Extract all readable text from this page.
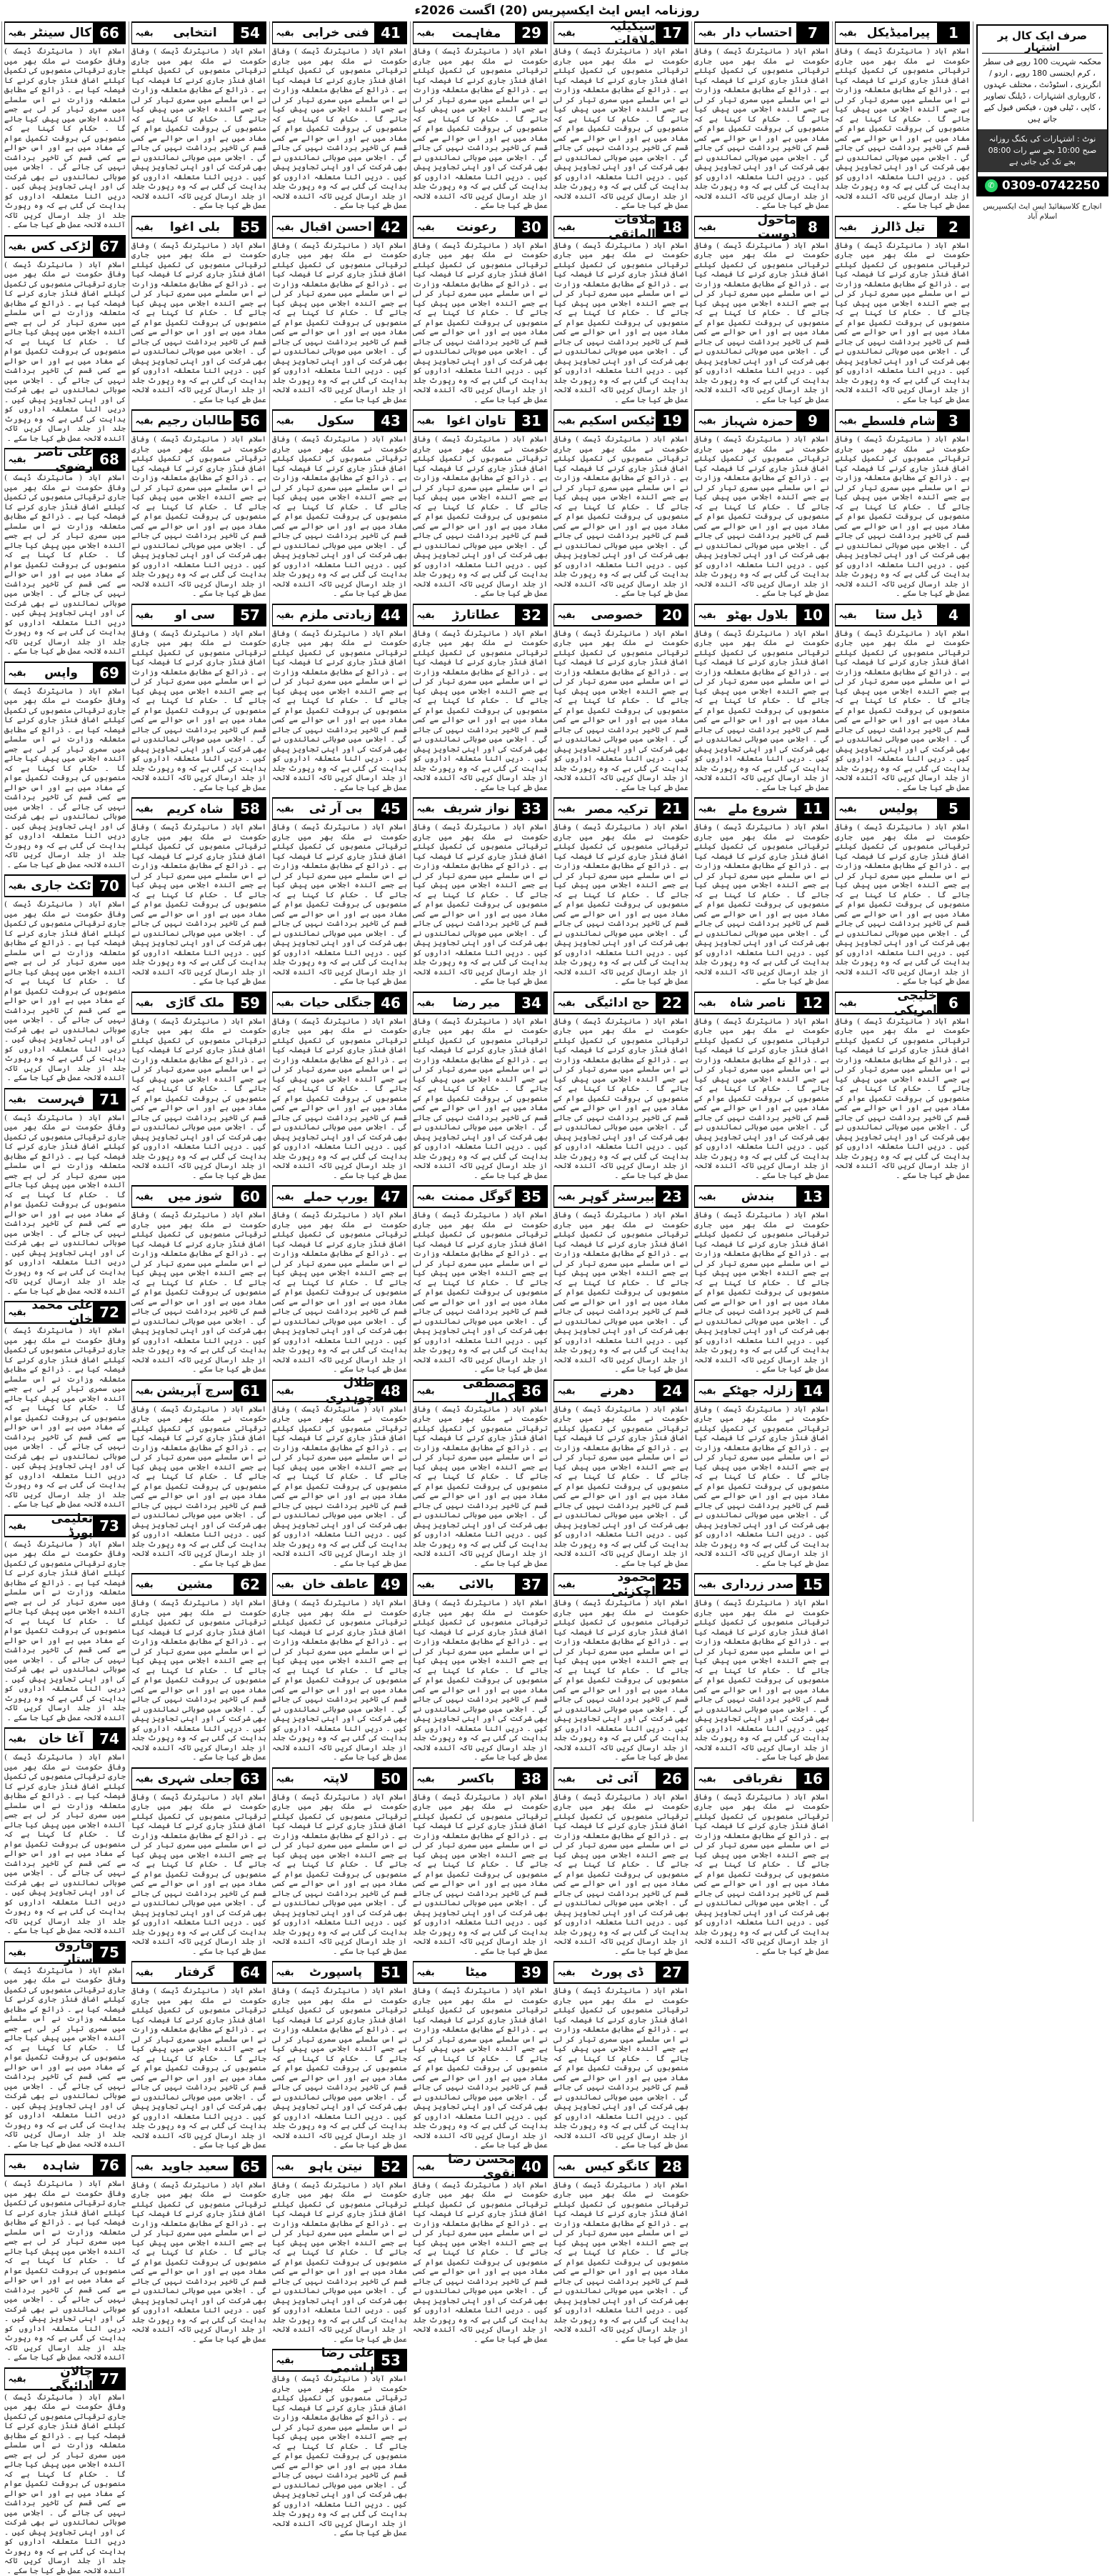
روزنامہ ایس ایٹ ایکسپریس (20) اگست 2026ء
صرف ایک کال پر اشتہار
محکمہ شہریت 100 روپے فی سطر ، کرم ایجنسی 180 روپے ، اردو / انگریزی ، اسٹوڈنٹ ، مختلف عہدوں ، کاروباری اشتہارات ، ڈیلنگ تصاویر ، کاپی ، ٹیلی فون ، فیکس قبول کیے جاتے ہیں
نوٹ : اشتہارات کی بکنگ روزانہ صبح 10:00 بجے سے رات 08:00 بجے تک کی جاتی ہے
✆ 0309-0742250
انچارج کلاسیفائیڈ ایس ایٹ ایکسپریس اسلام آباد
1
پیرامیڈیکل
بقیہ
اسلام آباد ( مانیٹرنگ ڈیسک ) وفاقی حکومت نے ملک بھر میں جاری ترقیاتی منصوبوں کی تکمیل کیلئے اضافی فنڈز جاری کرنے کا فیصلہ کیا ہے ۔ ذرائع کے مطابق متعلقہ وزارت نے اس سلسلے میں سمری تیار کر لی ہے جسے آئندہ اجلاس میں پیش کیا جائے گا ۔ حکام کا کہنا ہے کہ منصوبوں کی بروقت تکمیل عوام کے مفاد میں ہے اور اس حوالے سے کسی قسم کی تاخیر برداشت نہیں کی جائے گی ۔ اجلاس میں صوبائی نمائندوں نے بھی شرکت کی اور اپنی تجاویز پیش کیں ۔ دریں اثنا متعلقہ اداروں کو ہدایت کی گئی ہے کہ وہ رپورٹ جلد از جلد ارسال کریں تاکہ آئندہ لائحہ عمل طے کیا جا سکے ۔
2
تیل ڈالرز
بقیہ
اسلام آباد ( مانیٹرنگ ڈیسک ) وفاقی حکومت نے ملک بھر میں جاری ترقیاتی منصوبوں کی تکمیل کیلئے اضافی فنڈز جاری کرنے کا فیصلہ کیا ہے ۔ ذرائع کے مطابق متعلقہ وزارت نے اس سلسلے میں سمری تیار کر لی ہے جسے آئندہ اجلاس میں پیش کیا جائے گا ۔ حکام کا کہنا ہے کہ منصوبوں کی بروقت تکمیل عوام کے مفاد میں ہے اور اس حوالے سے کسی قسم کی تاخیر برداشت نہیں کی جائے گی ۔ اجلاس میں صوبائی نمائندوں نے بھی شرکت کی اور اپنی تجاویز پیش کیں ۔ دریں اثنا متعلقہ اداروں کو ہدایت کی گئی ہے کہ وہ رپورٹ جلد از جلد ارسال کریں تاکہ آئندہ لائحہ عمل طے کیا جا سکے ۔
3
شام فلسطے
بقیہ
اسلام آباد ( مانیٹرنگ ڈیسک ) وفاقی حکومت نے ملک بھر میں جاری ترقیاتی منصوبوں کی تکمیل کیلئے اضافی فنڈز جاری کرنے کا فیصلہ کیا ہے ۔ ذرائع کے مطابق متعلقہ وزارت نے اس سلسلے میں سمری تیار کر لی ہے جسے آئندہ اجلاس میں پیش کیا جائے گا ۔ حکام کا کہنا ہے کہ منصوبوں کی بروقت تکمیل عوام کے مفاد میں ہے اور اس حوالے سے کسی قسم کی تاخیر برداشت نہیں کی جائے گی ۔ اجلاس میں صوبائی نمائندوں نے بھی شرکت کی اور اپنی تجاویز پیش کیں ۔ دریں اثنا متعلقہ اداروں کو ہدایت کی گئی ہے کہ وہ رپورٹ جلد از جلد ارسال کریں تاکہ آئندہ لائحہ عمل طے کیا جا سکے ۔
4
ڈیل ستا
بقیہ
اسلام آباد ( مانیٹرنگ ڈیسک ) وفاقی حکومت نے ملک بھر میں جاری ترقیاتی منصوبوں کی تکمیل کیلئے اضافی فنڈز جاری کرنے کا فیصلہ کیا ہے ۔ ذرائع کے مطابق متعلقہ وزارت نے اس سلسلے میں سمری تیار کر لی ہے جسے آئندہ اجلاس میں پیش کیا جائے گا ۔ حکام کا کہنا ہے کہ منصوبوں کی بروقت تکمیل عوام کے مفاد میں ہے اور اس حوالے سے کسی قسم کی تاخیر برداشت نہیں کی جائے گی ۔ اجلاس میں صوبائی نمائندوں نے بھی شرکت کی اور اپنی تجاویز پیش کیں ۔ دریں اثنا متعلقہ اداروں کو ہدایت کی گئی ہے کہ وہ رپورٹ جلد از جلد ارسال کریں تاکہ آئندہ لائحہ عمل طے کیا جا سکے ۔
5
پولیس
بقیہ
اسلام آباد ( مانیٹرنگ ڈیسک ) وفاقی حکومت نے ملک بھر میں جاری ترقیاتی منصوبوں کی تکمیل کیلئے اضافی فنڈز جاری کرنے کا فیصلہ کیا ہے ۔ ذرائع کے مطابق متعلقہ وزارت نے اس سلسلے میں سمری تیار کر لی ہے جسے آئندہ اجلاس میں پیش کیا جائے گا ۔ حکام کا کہنا ہے کہ منصوبوں کی بروقت تکمیل عوام کے مفاد میں ہے اور اس حوالے سے کسی قسم کی تاخیر برداشت نہیں کی جائے گی ۔ اجلاس میں صوبائی نمائندوں نے بھی شرکت کی اور اپنی تجاویز پیش کیں ۔ دریں اثنا متعلقہ اداروں کو ہدایت کی گئی ہے کہ وہ رپورٹ جلد از جلد ارسال کریں تاکہ آئندہ لائحہ عمل طے کیا جا سکے ۔
6
خلیجی امریکی
بقیہ
اسلام آباد ( مانیٹرنگ ڈیسک ) وفاقی حکومت نے ملک بھر میں جاری ترقیاتی منصوبوں کی تکمیل کیلئے اضافی فنڈز جاری کرنے کا فیصلہ کیا ہے ۔ ذرائع کے مطابق متعلقہ وزارت نے اس سلسلے میں سمری تیار کر لی ہے جسے آئندہ اجلاس میں پیش کیا جائے گا ۔ حکام کا کہنا ہے کہ منصوبوں کی بروقت تکمیل عوام کے مفاد میں ہے اور اس حوالے سے کسی قسم کی تاخیر برداشت نہیں کی جائے گی ۔ اجلاس میں صوبائی نمائندوں نے بھی شرکت کی اور اپنی تجاویز پیش کیں ۔ دریں اثنا متعلقہ اداروں کو ہدایت کی گئی ہے کہ وہ رپورٹ جلد از جلد ارسال کریں تاکہ آئندہ لائحہ عمل طے کیا جا سکے ۔
7
احتساب دار
بقیہ
اسلام آباد ( مانیٹرنگ ڈیسک ) وفاقی حکومت نے ملک بھر میں جاری ترقیاتی منصوبوں کی تکمیل کیلئے اضافی فنڈز جاری کرنے کا فیصلہ کیا ہے ۔ ذرائع کے مطابق متعلقہ وزارت نے اس سلسلے میں سمری تیار کر لی ہے جسے آئندہ اجلاس میں پیش کیا جائے گا ۔ حکام کا کہنا ہے کہ منصوبوں کی بروقت تکمیل عوام کے مفاد میں ہے اور اس حوالے سے کسی قسم کی تاخیر برداشت نہیں کی جائے گی ۔ اجلاس میں صوبائی نمائندوں نے بھی شرکت کی اور اپنی تجاویز پیش کیں ۔ دریں اثنا متعلقہ اداروں کو ہدایت کی گئی ہے کہ وہ رپورٹ جلد از جلد ارسال کریں تاکہ آئندہ لائحہ عمل طے کیا جا سکے ۔
8
ماحول دوست
بقیہ
اسلام آباد ( مانیٹرنگ ڈیسک ) وفاقی حکومت نے ملک بھر میں جاری ترقیاتی منصوبوں کی تکمیل کیلئے اضافی فنڈز جاری کرنے کا فیصلہ کیا ہے ۔ ذرائع کے مطابق متعلقہ وزارت نے اس سلسلے میں سمری تیار کر لی ہے جسے آئندہ اجلاس میں پیش کیا جائے گا ۔ حکام کا کہنا ہے کہ منصوبوں کی بروقت تکمیل عوام کے مفاد میں ہے اور اس حوالے سے کسی قسم کی تاخیر برداشت نہیں کی جائے گی ۔ اجلاس میں صوبائی نمائندوں نے بھی شرکت کی اور اپنی تجاویز پیش کیں ۔ دریں اثنا متعلقہ اداروں کو ہدایت کی گئی ہے کہ وہ رپورٹ جلد از جلد ارسال کریں تاکہ آئندہ لائحہ عمل طے کیا جا سکے ۔
9
حمزہ شہباز
بقیہ
اسلام آباد ( مانیٹرنگ ڈیسک ) وفاقی حکومت نے ملک بھر میں جاری ترقیاتی منصوبوں کی تکمیل کیلئے اضافی فنڈز جاری کرنے کا فیصلہ کیا ہے ۔ ذرائع کے مطابق متعلقہ وزارت نے اس سلسلے میں سمری تیار کر لی ہے جسے آئندہ اجلاس میں پیش کیا جائے گا ۔ حکام کا کہنا ہے کہ منصوبوں کی بروقت تکمیل عوام کے مفاد میں ہے اور اس حوالے سے کسی قسم کی تاخیر برداشت نہیں کی جائے گی ۔ اجلاس میں صوبائی نمائندوں نے بھی شرکت کی اور اپنی تجاویز پیش کیں ۔ دریں اثنا متعلقہ اداروں کو ہدایت کی گئی ہے کہ وہ رپورٹ جلد از جلد ارسال کریں تاکہ آئندہ لائحہ عمل طے کیا جا سکے ۔
10
بلاول بھٹو
بقیہ
اسلام آباد ( مانیٹرنگ ڈیسک ) وفاقی حکومت نے ملک بھر میں جاری ترقیاتی منصوبوں کی تکمیل کیلئے اضافی فنڈز جاری کرنے کا فیصلہ کیا ہے ۔ ذرائع کے مطابق متعلقہ وزارت نے اس سلسلے میں سمری تیار کر لی ہے جسے آئندہ اجلاس میں پیش کیا جائے گا ۔ حکام کا کہنا ہے کہ منصوبوں کی بروقت تکمیل عوام کے مفاد میں ہے اور اس حوالے سے کسی قسم کی تاخیر برداشت نہیں کی جائے گی ۔ اجلاس میں صوبائی نمائندوں نے بھی شرکت کی اور اپنی تجاویز پیش کیں ۔ دریں اثنا متعلقہ اداروں کو ہدایت کی گئی ہے کہ وہ رپورٹ جلد از جلد ارسال کریں تاکہ آئندہ لائحہ عمل طے کیا جا سکے ۔
11
شروع ملے
بقیہ
اسلام آباد ( مانیٹرنگ ڈیسک ) وفاقی حکومت نے ملک بھر میں جاری ترقیاتی منصوبوں کی تکمیل کیلئے اضافی فنڈز جاری کرنے کا فیصلہ کیا ہے ۔ ذرائع کے مطابق متعلقہ وزارت نے اس سلسلے میں سمری تیار کر لی ہے جسے آئندہ اجلاس میں پیش کیا جائے گا ۔ حکام کا کہنا ہے کہ منصوبوں کی بروقت تکمیل عوام کے مفاد میں ہے اور اس حوالے سے کسی قسم کی تاخیر برداشت نہیں کی جائے گی ۔ اجلاس میں صوبائی نمائندوں نے بھی شرکت کی اور اپنی تجاویز پیش کیں ۔ دریں اثنا متعلقہ اداروں کو ہدایت کی گئی ہے کہ وہ رپورٹ جلد از جلد ارسال کریں تاکہ آئندہ لائحہ عمل طے کیا جا سکے ۔
12
ناصر شاہ
بقیہ
اسلام آباد ( مانیٹرنگ ڈیسک ) وفاقی حکومت نے ملک بھر میں جاری ترقیاتی منصوبوں کی تکمیل کیلئے اضافی فنڈز جاری کرنے کا فیصلہ کیا ہے ۔ ذرائع کے مطابق متعلقہ وزارت نے اس سلسلے میں سمری تیار کر لی ہے جسے آئندہ اجلاس میں پیش کیا جائے گا ۔ حکام کا کہنا ہے کہ منصوبوں کی بروقت تکمیل عوام کے مفاد میں ہے اور اس حوالے سے کسی قسم کی تاخیر برداشت نہیں کی جائے گی ۔ اجلاس میں صوبائی نمائندوں نے بھی شرکت کی اور اپنی تجاویز پیش کیں ۔ دریں اثنا متعلقہ اداروں کو ہدایت کی گئی ہے کہ وہ رپورٹ جلد از جلد ارسال کریں تاکہ آئندہ لائحہ عمل طے کیا جا سکے ۔
13
بندش
بقیہ
اسلام آباد ( مانیٹرنگ ڈیسک ) وفاقی حکومت نے ملک بھر میں جاری ترقیاتی منصوبوں کی تکمیل کیلئے اضافی فنڈز جاری کرنے کا فیصلہ کیا ہے ۔ ذرائع کے مطابق متعلقہ وزارت نے اس سلسلے میں سمری تیار کر لی ہے جسے آئندہ اجلاس میں پیش کیا جائے گا ۔ حکام کا کہنا ہے کہ منصوبوں کی بروقت تکمیل عوام کے مفاد میں ہے اور اس حوالے سے کسی قسم کی تاخیر برداشت نہیں کی جائے گی ۔ اجلاس میں صوبائی نمائندوں نے بھی شرکت کی اور اپنی تجاویز پیش کیں ۔ دریں اثنا متعلقہ اداروں کو ہدایت کی گئی ہے کہ وہ رپورٹ جلد از جلد ارسال کریں تاکہ آئندہ لائحہ عمل طے کیا جا سکے ۔
14
زلزلہ جھٹکے
بقیہ
اسلام آباد ( مانیٹرنگ ڈیسک ) وفاقی حکومت نے ملک بھر میں جاری ترقیاتی منصوبوں کی تکمیل کیلئے اضافی فنڈز جاری کرنے کا فیصلہ کیا ہے ۔ ذرائع کے مطابق متعلقہ وزارت نے اس سلسلے میں سمری تیار کر لی ہے جسے آئندہ اجلاس میں پیش کیا جائے گا ۔ حکام کا کہنا ہے کہ منصوبوں کی بروقت تکمیل عوام کے مفاد میں ہے اور اس حوالے سے کسی قسم کی تاخیر برداشت نہیں کی جائے گی ۔ اجلاس میں صوبائی نمائندوں نے بھی شرکت کی اور اپنی تجاویز پیش کیں ۔ دریں اثنا متعلقہ اداروں کو ہدایت کی گئی ہے کہ وہ رپورٹ جلد از جلد ارسال کریں تاکہ آئندہ لائحہ عمل طے کیا جا سکے ۔
15
صدر زرداری
بقیہ
اسلام آباد ( مانیٹرنگ ڈیسک ) وفاقی حکومت نے ملک بھر میں جاری ترقیاتی منصوبوں کی تکمیل کیلئے اضافی فنڈز جاری کرنے کا فیصلہ کیا ہے ۔ ذرائع کے مطابق متعلقہ وزارت نے اس سلسلے میں سمری تیار کر لی ہے جسے آئندہ اجلاس میں پیش کیا جائے گا ۔ حکام کا کہنا ہے کہ منصوبوں کی بروقت تکمیل عوام کے مفاد میں ہے اور اس حوالے سے کسی قسم کی تاخیر برداشت نہیں کی جائے گی ۔ اجلاس میں صوبائی نمائندوں نے بھی شرکت کی اور اپنی تجاویز پیش کیں ۔ دریں اثنا متعلقہ اداروں کو ہدایت کی گئی ہے کہ وہ رپورٹ جلد از جلد ارسال کریں تاکہ آئندہ لائحہ عمل طے کیا جا سکے ۔
16
نقرباقی
بقیہ
اسلام آباد ( مانیٹرنگ ڈیسک ) وفاقی حکومت نے ملک بھر میں جاری ترقیاتی منصوبوں کی تکمیل کیلئے اضافی فنڈز جاری کرنے کا فیصلہ کیا ہے ۔ ذرائع کے مطابق متعلقہ وزارت نے اس سلسلے میں سمری تیار کر لی ہے جسے آئندہ اجلاس میں پیش کیا جائے گا ۔ حکام کا کہنا ہے کہ منصوبوں کی بروقت تکمیل عوام کے مفاد میں ہے اور اس حوالے سے کسی قسم کی تاخیر برداشت نہیں کی جائے گی ۔ اجلاس میں صوبائی نمائندوں نے بھی شرکت کی اور اپنی تجاویز پیش کیں ۔ دریں اثنا متعلقہ اداروں کو ہدایت کی گئی ہے کہ وہ رپورٹ جلد از جلد ارسال کریں تاکہ آئندہ لائحہ عمل طے کیا جا سکے ۔
17
سیکیلیہ ملاقات
بقیہ
اسلام آباد ( مانیٹرنگ ڈیسک ) وفاقی حکومت نے ملک بھر میں جاری ترقیاتی منصوبوں کی تکمیل کیلئے اضافی فنڈز جاری کرنے کا فیصلہ کیا ہے ۔ ذرائع کے مطابق متعلقہ وزارت نے اس سلسلے میں سمری تیار کر لی ہے جسے آئندہ اجلاس میں پیش کیا جائے گا ۔ حکام کا کہنا ہے کہ منصوبوں کی بروقت تکمیل عوام کے مفاد میں ہے اور اس حوالے سے کسی قسم کی تاخیر برداشت نہیں کی جائے گی ۔ اجلاس میں صوبائی نمائندوں نے بھی شرکت کی اور اپنی تجاویز پیش کیں ۔ دریں اثنا متعلقہ اداروں کو ہدایت کی گئی ہے کہ وہ رپورٹ جلد از جلد ارسال کریں تاکہ آئندہ لائحہ عمل طے کیا جا سکے ۔
18
ملاقات الماثقی
بقیہ
اسلام آباد ( مانیٹرنگ ڈیسک ) وفاقی حکومت نے ملک بھر میں جاری ترقیاتی منصوبوں کی تکمیل کیلئے اضافی فنڈز جاری کرنے کا فیصلہ کیا ہے ۔ ذرائع کے مطابق متعلقہ وزارت نے اس سلسلے میں سمری تیار کر لی ہے جسے آئندہ اجلاس میں پیش کیا جائے گا ۔ حکام کا کہنا ہے کہ منصوبوں کی بروقت تکمیل عوام کے مفاد میں ہے اور اس حوالے سے کسی قسم کی تاخیر برداشت نہیں کی جائے گی ۔ اجلاس میں صوبائی نمائندوں نے بھی شرکت کی اور اپنی تجاویز پیش کیں ۔ دریں اثنا متعلقہ اداروں کو ہدایت کی گئی ہے کہ وہ رپورٹ جلد از جلد ارسال کریں تاکہ آئندہ لائحہ عمل طے کیا جا سکے ۔
19
ٹیکس اسکیم
بقیہ
اسلام آباد ( مانیٹرنگ ڈیسک ) وفاقی حکومت نے ملک بھر میں جاری ترقیاتی منصوبوں کی تکمیل کیلئے اضافی فنڈز جاری کرنے کا فیصلہ کیا ہے ۔ ذرائع کے مطابق متعلقہ وزارت نے اس سلسلے میں سمری تیار کر لی ہے جسے آئندہ اجلاس میں پیش کیا جائے گا ۔ حکام کا کہنا ہے کہ منصوبوں کی بروقت تکمیل عوام کے مفاد میں ہے اور اس حوالے سے کسی قسم کی تاخیر برداشت نہیں کی جائے گی ۔ اجلاس میں صوبائی نمائندوں نے بھی شرکت کی اور اپنی تجاویز پیش کیں ۔ دریں اثنا متعلقہ اداروں کو ہدایت کی گئی ہے کہ وہ رپورٹ جلد از جلد ارسال کریں تاکہ آئندہ لائحہ عمل طے کیا جا سکے ۔
20
خصوصی
بقیہ
اسلام آباد ( مانیٹرنگ ڈیسک ) وفاقی حکومت نے ملک بھر میں جاری ترقیاتی منصوبوں کی تکمیل کیلئے اضافی فنڈز جاری کرنے کا فیصلہ کیا ہے ۔ ذرائع کے مطابق متعلقہ وزارت نے اس سلسلے میں سمری تیار کر لی ہے جسے آئندہ اجلاس میں پیش کیا جائے گا ۔ حکام کا کہنا ہے کہ منصوبوں کی بروقت تکمیل عوام کے مفاد میں ہے اور اس حوالے سے کسی قسم کی تاخیر برداشت نہیں کی جائے گی ۔ اجلاس میں صوبائی نمائندوں نے بھی شرکت کی اور اپنی تجاویز پیش کیں ۔ دریں اثنا متعلقہ اداروں کو ہدایت کی گئی ہے کہ وہ رپورٹ جلد از جلد ارسال کریں تاکہ آئندہ لائحہ عمل طے کیا جا سکے ۔
21
ترکیہ مصر
بقیہ
اسلام آباد ( مانیٹرنگ ڈیسک ) وفاقی حکومت نے ملک بھر میں جاری ترقیاتی منصوبوں کی تکمیل کیلئے اضافی فنڈز جاری کرنے کا فیصلہ کیا ہے ۔ ذرائع کے مطابق متعلقہ وزارت نے اس سلسلے میں سمری تیار کر لی ہے جسے آئندہ اجلاس میں پیش کیا جائے گا ۔ حکام کا کہنا ہے کہ منصوبوں کی بروقت تکمیل عوام کے مفاد میں ہے اور اس حوالے سے کسی قسم کی تاخیر برداشت نہیں کی جائے گی ۔ اجلاس میں صوبائی نمائندوں نے بھی شرکت کی اور اپنی تجاویز پیش کیں ۔ دریں اثنا متعلقہ اداروں کو ہدایت کی گئی ہے کہ وہ رپورٹ جلد از جلد ارسال کریں تاکہ آئندہ لائحہ عمل طے کیا جا سکے ۔
22
حج ادائیگی
بقیہ
اسلام آباد ( مانیٹرنگ ڈیسک ) وفاقی حکومت نے ملک بھر میں جاری ترقیاتی منصوبوں کی تکمیل کیلئے اضافی فنڈز جاری کرنے کا فیصلہ کیا ہے ۔ ذرائع کے مطابق متعلقہ وزارت نے اس سلسلے میں سمری تیار کر لی ہے جسے آئندہ اجلاس میں پیش کیا جائے گا ۔ حکام کا کہنا ہے کہ منصوبوں کی بروقت تکمیل عوام کے مفاد میں ہے اور اس حوالے سے کسی قسم کی تاخیر برداشت نہیں کی جائے گی ۔ اجلاس میں صوبائی نمائندوں نے بھی شرکت کی اور اپنی تجاویز پیش کیں ۔ دریں اثنا متعلقہ اداروں کو ہدایت کی گئی ہے کہ وہ رپورٹ جلد از جلد ارسال کریں تاکہ آئندہ لائحہ عمل طے کیا جا سکے ۔
23
بیرسٹر گوہر
بقیہ
اسلام آباد ( مانیٹرنگ ڈیسک ) وفاقی حکومت نے ملک بھر میں جاری ترقیاتی منصوبوں کی تکمیل کیلئے اضافی فنڈز جاری کرنے کا فیصلہ کیا ہے ۔ ذرائع کے مطابق متعلقہ وزارت نے اس سلسلے میں سمری تیار کر لی ہے جسے آئندہ اجلاس میں پیش کیا جائے گا ۔ حکام کا کہنا ہے کہ منصوبوں کی بروقت تکمیل عوام کے مفاد میں ہے اور اس حوالے سے کسی قسم کی تاخیر برداشت نہیں کی جائے گی ۔ اجلاس میں صوبائی نمائندوں نے بھی شرکت کی اور اپنی تجاویز پیش کیں ۔ دریں اثنا متعلقہ اداروں کو ہدایت کی گئی ہے کہ وہ رپورٹ جلد از جلد ارسال کریں تاکہ آئندہ لائحہ عمل طے کیا جا سکے ۔
24
دھرنے
بقیہ
اسلام آباد ( مانیٹرنگ ڈیسک ) وفاقی حکومت نے ملک بھر میں جاری ترقیاتی منصوبوں کی تکمیل کیلئے اضافی فنڈز جاری کرنے کا فیصلہ کیا ہے ۔ ذرائع کے مطابق متعلقہ وزارت نے اس سلسلے میں سمری تیار کر لی ہے جسے آئندہ اجلاس میں پیش کیا جائے گا ۔ حکام کا کہنا ہے کہ منصوبوں کی بروقت تکمیل عوام کے مفاد میں ہے اور اس حوالے سے کسی قسم کی تاخیر برداشت نہیں کی جائے گی ۔ اجلاس میں صوبائی نمائندوں نے بھی شرکت کی اور اپنی تجاویز پیش کیں ۔ دریں اثنا متعلقہ اداروں کو ہدایت کی گئی ہے کہ وہ رپورٹ جلد از جلد ارسال کریں تاکہ آئندہ لائحہ عمل طے کیا جا سکے ۔
25
محمود اچکزئی
بقیہ
اسلام آباد ( مانیٹرنگ ڈیسک ) وفاقی حکومت نے ملک بھر میں جاری ترقیاتی منصوبوں کی تکمیل کیلئے اضافی فنڈز جاری کرنے کا فیصلہ کیا ہے ۔ ذرائع کے مطابق متعلقہ وزارت نے اس سلسلے میں سمری تیار کر لی ہے جسے آئندہ اجلاس میں پیش کیا جائے گا ۔ حکام کا کہنا ہے کہ منصوبوں کی بروقت تکمیل عوام کے مفاد میں ہے اور اس حوالے سے کسی قسم کی تاخیر برداشت نہیں کی جائے گی ۔ اجلاس میں صوبائی نمائندوں نے بھی شرکت کی اور اپنی تجاویز پیش کیں ۔ دریں اثنا متعلقہ اداروں کو ہدایت کی گئی ہے کہ وہ رپورٹ جلد از جلد ارسال کریں تاکہ آئندہ لائحہ عمل طے کیا جا سکے ۔
26
آئی ٹی
بقیہ
اسلام آباد ( مانیٹرنگ ڈیسک ) وفاقی حکومت نے ملک بھر میں جاری ترقیاتی منصوبوں کی تکمیل کیلئے اضافی فنڈز جاری کرنے کا فیصلہ کیا ہے ۔ ذرائع کے مطابق متعلقہ وزارت نے اس سلسلے میں سمری تیار کر لی ہے جسے آئندہ اجلاس میں پیش کیا جائے گا ۔ حکام کا کہنا ہے کہ منصوبوں کی بروقت تکمیل عوام کے مفاد میں ہے اور اس حوالے سے کسی قسم کی تاخیر برداشت نہیں کی جائے گی ۔ اجلاس میں صوبائی نمائندوں نے بھی شرکت کی اور اپنی تجاویز پیش کیں ۔ دریں اثنا متعلقہ اداروں کو ہدایت کی گئی ہے کہ وہ رپورٹ جلد از جلد ارسال کریں تاکہ آئندہ لائحہ عمل طے کیا جا سکے ۔
27
ڈی پورٹ
بقیہ
اسلام آباد ( مانیٹرنگ ڈیسک ) وفاقی حکومت نے ملک بھر میں جاری ترقیاتی منصوبوں کی تکمیل کیلئے اضافی فنڈز جاری کرنے کا فیصلہ کیا ہے ۔ ذرائع کے مطابق متعلقہ وزارت نے اس سلسلے میں سمری تیار کر لی ہے جسے آئندہ اجلاس میں پیش کیا جائے گا ۔ حکام کا کہنا ہے کہ منصوبوں کی بروقت تکمیل عوام کے مفاد میں ہے اور اس حوالے سے کسی قسم کی تاخیر برداشت نہیں کی جائے گی ۔ اجلاس میں صوبائی نمائندوں نے بھی شرکت کی اور اپنی تجاویز پیش کیں ۔ دریں اثنا متعلقہ اداروں کو ہدایت کی گئی ہے کہ وہ رپورٹ جلد از جلد ارسال کریں تاکہ آئندہ لائحہ عمل طے کیا جا سکے ۔
28
کانگو کیس
بقیہ
اسلام آباد ( مانیٹرنگ ڈیسک ) وفاقی حکومت نے ملک بھر میں جاری ترقیاتی منصوبوں کی تکمیل کیلئے اضافی فنڈز جاری کرنے کا فیصلہ کیا ہے ۔ ذرائع کے مطابق متعلقہ وزارت نے اس سلسلے میں سمری تیار کر لی ہے جسے آئندہ اجلاس میں پیش کیا جائے گا ۔ حکام کا کہنا ہے کہ منصوبوں کی بروقت تکمیل عوام کے مفاد میں ہے اور اس حوالے سے کسی قسم کی تاخیر برداشت نہیں کی جائے گی ۔ اجلاس میں صوبائی نمائندوں نے بھی شرکت کی اور اپنی تجاویز پیش کیں ۔ دریں اثنا متعلقہ اداروں کو ہدایت کی گئی ہے کہ وہ رپورٹ جلد از جلد ارسال کریں تاکہ آئندہ لائحہ عمل طے کیا جا سکے ۔
29
مفاہمت
بقیہ
اسلام آباد ( مانیٹرنگ ڈیسک ) وفاقی حکومت نے ملک بھر میں جاری ترقیاتی منصوبوں کی تکمیل کیلئے اضافی فنڈز جاری کرنے کا فیصلہ کیا ہے ۔ ذرائع کے مطابق متعلقہ وزارت نے اس سلسلے میں سمری تیار کر لی ہے جسے آئندہ اجلاس میں پیش کیا جائے گا ۔ حکام کا کہنا ہے کہ منصوبوں کی بروقت تکمیل عوام کے مفاد میں ہے اور اس حوالے سے کسی قسم کی تاخیر برداشت نہیں کی جائے گی ۔ اجلاس میں صوبائی نمائندوں نے بھی شرکت کی اور اپنی تجاویز پیش کیں ۔ دریں اثنا متعلقہ اداروں کو ہدایت کی گئی ہے کہ وہ رپورٹ جلد از جلد ارسال کریں تاکہ آئندہ لائحہ عمل طے کیا جا سکے ۔
30
رعونت
بقیہ
اسلام آباد ( مانیٹرنگ ڈیسک ) وفاقی حکومت نے ملک بھر میں جاری ترقیاتی منصوبوں کی تکمیل کیلئے اضافی فنڈز جاری کرنے کا فیصلہ کیا ہے ۔ ذرائع کے مطابق متعلقہ وزارت نے اس سلسلے میں سمری تیار کر لی ہے جسے آئندہ اجلاس میں پیش کیا جائے گا ۔ حکام کا کہنا ہے کہ منصوبوں کی بروقت تکمیل عوام کے مفاد میں ہے اور اس حوالے سے کسی قسم کی تاخیر برداشت نہیں کی جائے گی ۔ اجلاس میں صوبائی نمائندوں نے بھی شرکت کی اور اپنی تجاویز پیش کیں ۔ دریں اثنا متعلقہ اداروں کو ہدایت کی گئی ہے کہ وہ رپورٹ جلد از جلد ارسال کریں تاکہ آئندہ لائحہ عمل طے کیا جا سکے ۔
31
تاوان اغوا
بقیہ
اسلام آباد ( مانیٹرنگ ڈیسک ) وفاقی حکومت نے ملک بھر میں جاری ترقیاتی منصوبوں کی تکمیل کیلئے اضافی فنڈز جاری کرنے کا فیصلہ کیا ہے ۔ ذرائع کے مطابق متعلقہ وزارت نے اس سلسلے میں سمری تیار کر لی ہے جسے آئندہ اجلاس میں پیش کیا جائے گا ۔ حکام کا کہنا ہے کہ منصوبوں کی بروقت تکمیل عوام کے مفاد میں ہے اور اس حوالے سے کسی قسم کی تاخیر برداشت نہیں کی جائے گی ۔ اجلاس میں صوبائی نمائندوں نے بھی شرکت کی اور اپنی تجاویز پیش کیں ۔ دریں اثنا متعلقہ اداروں کو ہدایت کی گئی ہے کہ وہ رپورٹ جلد از جلد ارسال کریں تاکہ آئندہ لائحہ عمل طے کیا جا سکے ۔
32
عطاتارڑ
بقیہ
اسلام آباد ( مانیٹرنگ ڈیسک ) وفاقی حکومت نے ملک بھر میں جاری ترقیاتی منصوبوں کی تکمیل کیلئے اضافی فنڈز جاری کرنے کا فیصلہ کیا ہے ۔ ذرائع کے مطابق متعلقہ وزارت نے اس سلسلے میں سمری تیار کر لی ہے جسے آئندہ اجلاس میں پیش کیا جائے گا ۔ حکام کا کہنا ہے کہ منصوبوں کی بروقت تکمیل عوام کے مفاد میں ہے اور اس حوالے سے کسی قسم کی تاخیر برداشت نہیں کی جائے گی ۔ اجلاس میں صوبائی نمائندوں نے بھی شرکت کی اور اپنی تجاویز پیش کیں ۔ دریں اثنا متعلقہ اداروں کو ہدایت کی گئی ہے کہ وہ رپورٹ جلد از جلد ارسال کریں تاکہ آئندہ لائحہ عمل طے کیا جا سکے ۔
33
نواز شریف
بقیہ
اسلام آباد ( مانیٹرنگ ڈیسک ) وفاقی حکومت نے ملک بھر میں جاری ترقیاتی منصوبوں کی تکمیل کیلئے اضافی فنڈز جاری کرنے کا فیصلہ کیا ہے ۔ ذرائع کے مطابق متعلقہ وزارت نے اس سلسلے میں سمری تیار کر لی ہے جسے آئندہ اجلاس میں پیش کیا جائے گا ۔ حکام کا کہنا ہے کہ منصوبوں کی بروقت تکمیل عوام کے مفاد میں ہے اور اس حوالے سے کسی قسم کی تاخیر برداشت نہیں کی جائے گی ۔ اجلاس میں صوبائی نمائندوں نے بھی شرکت کی اور اپنی تجاویز پیش کیں ۔ دریں اثنا متعلقہ اداروں کو ہدایت کی گئی ہے کہ وہ رپورٹ جلد از جلد ارسال کریں تاکہ آئندہ لائحہ عمل طے کیا جا سکے ۔
34
میر رضا
بقیہ
اسلام آباد ( مانیٹرنگ ڈیسک ) وفاقی حکومت نے ملک بھر میں جاری ترقیاتی منصوبوں کی تکمیل کیلئے اضافی فنڈز جاری کرنے کا فیصلہ کیا ہے ۔ ذرائع کے مطابق متعلقہ وزارت نے اس سلسلے میں سمری تیار کر لی ہے جسے آئندہ اجلاس میں پیش کیا جائے گا ۔ حکام کا کہنا ہے کہ منصوبوں کی بروقت تکمیل عوام کے مفاد میں ہے اور اس حوالے سے کسی قسم کی تاخیر برداشت نہیں کی جائے گی ۔ اجلاس میں صوبائی نمائندوں نے بھی شرکت کی اور اپنی تجاویز پیش کیں ۔ دریں اثنا متعلقہ اداروں کو ہدایت کی گئی ہے کہ وہ رپورٹ جلد از جلد ارسال کریں تاکہ آئندہ لائحہ عمل طے کیا جا سکے ۔
35
گوگل ممنت
بقیہ
اسلام آباد ( مانیٹرنگ ڈیسک ) وفاقی حکومت نے ملک بھر میں جاری ترقیاتی منصوبوں کی تکمیل کیلئے اضافی فنڈز جاری کرنے کا فیصلہ کیا ہے ۔ ذرائع کے مطابق متعلقہ وزارت نے اس سلسلے میں سمری تیار کر لی ہے جسے آئندہ اجلاس میں پیش کیا جائے گا ۔ حکام کا کہنا ہے کہ منصوبوں کی بروقت تکمیل عوام کے مفاد میں ہے اور اس حوالے سے کسی قسم کی تاخیر برداشت نہیں کی جائے گی ۔ اجلاس میں صوبائی نمائندوں نے بھی شرکت کی اور اپنی تجاویز پیش کیں ۔ دریں اثنا متعلقہ اداروں کو ہدایت کی گئی ہے کہ وہ رپورٹ جلد از جلد ارسال کریں تاکہ آئندہ لائحہ عمل طے کیا جا سکے ۔
36
مصطفی کمال
بقیہ
اسلام آباد ( مانیٹرنگ ڈیسک ) وفاقی حکومت نے ملک بھر میں جاری ترقیاتی منصوبوں کی تکمیل کیلئے اضافی فنڈز جاری کرنے کا فیصلہ کیا ہے ۔ ذرائع کے مطابق متعلقہ وزارت نے اس سلسلے میں سمری تیار کر لی ہے جسے آئندہ اجلاس میں پیش کیا جائے گا ۔ حکام کا کہنا ہے کہ منصوبوں کی بروقت تکمیل عوام کے مفاد میں ہے اور اس حوالے سے کسی قسم کی تاخیر برداشت نہیں کی جائے گی ۔ اجلاس میں صوبائی نمائندوں نے بھی شرکت کی اور اپنی تجاویز پیش کیں ۔ دریں اثنا متعلقہ اداروں کو ہدایت کی گئی ہے کہ وہ رپورٹ جلد از جلد ارسال کریں تاکہ آئندہ لائحہ عمل طے کیا جا سکے ۔
37
بالائی
بقیہ
اسلام آباد ( مانیٹرنگ ڈیسک ) وفاقی حکومت نے ملک بھر میں جاری ترقیاتی منصوبوں کی تکمیل کیلئے اضافی فنڈز جاری کرنے کا فیصلہ کیا ہے ۔ ذرائع کے مطابق متعلقہ وزارت نے اس سلسلے میں سمری تیار کر لی ہے جسے آئندہ اجلاس میں پیش کیا جائے گا ۔ حکام کا کہنا ہے کہ منصوبوں کی بروقت تکمیل عوام کے مفاد میں ہے اور اس حوالے سے کسی قسم کی تاخیر برداشت نہیں کی جائے گی ۔ اجلاس میں صوبائی نمائندوں نے بھی شرکت کی اور اپنی تجاویز پیش کیں ۔ دریں اثنا متعلقہ اداروں کو ہدایت کی گئی ہے کہ وہ رپورٹ جلد از جلد ارسال کریں تاکہ آئندہ لائحہ عمل طے کیا جا سکے ۔
38
باکسر
بقیہ
اسلام آباد ( مانیٹرنگ ڈیسک ) وفاقی حکومت نے ملک بھر میں جاری ترقیاتی منصوبوں کی تکمیل کیلئے اضافی فنڈز جاری کرنے کا فیصلہ کیا ہے ۔ ذرائع کے مطابق متعلقہ وزارت نے اس سلسلے میں سمری تیار کر لی ہے جسے آئندہ اجلاس میں پیش کیا جائے گا ۔ حکام کا کہنا ہے کہ منصوبوں کی بروقت تکمیل عوام کے مفاد میں ہے اور اس حوالے سے کسی قسم کی تاخیر برداشت نہیں کی جائے گی ۔ اجلاس میں صوبائی نمائندوں نے بھی شرکت کی اور اپنی تجاویز پیش کیں ۔ دریں اثنا متعلقہ اداروں کو ہدایت کی گئی ہے کہ وہ رپورٹ جلد از جلد ارسال کریں تاکہ آئندہ لائحہ عمل طے کیا جا سکے ۔
39
میٹا
بقیہ
اسلام آباد ( مانیٹرنگ ڈیسک ) وفاقی حکومت نے ملک بھر میں جاری ترقیاتی منصوبوں کی تکمیل کیلئے اضافی فنڈز جاری کرنے کا فیصلہ کیا ہے ۔ ذرائع کے مطابق متعلقہ وزارت نے اس سلسلے میں سمری تیار کر لی ہے جسے آئندہ اجلاس میں پیش کیا جائے گا ۔ حکام کا کہنا ہے کہ منصوبوں کی بروقت تکمیل عوام کے مفاد میں ہے اور اس حوالے سے کسی قسم کی تاخیر برداشت نہیں کی جائے گی ۔ اجلاس میں صوبائی نمائندوں نے بھی شرکت کی اور اپنی تجاویز پیش کیں ۔ دریں اثنا متعلقہ اداروں کو ہدایت کی گئی ہے کہ وہ رپورٹ جلد از جلد ارسال کریں تاکہ آئندہ لائحہ عمل طے کیا جا سکے ۔
40
محسن رضا نقوی
بقیہ
اسلام آباد ( مانیٹرنگ ڈیسک ) وفاقی حکومت نے ملک بھر میں جاری ترقیاتی منصوبوں کی تکمیل کیلئے اضافی فنڈز جاری کرنے کا فیصلہ کیا ہے ۔ ذرائع کے مطابق متعلقہ وزارت نے اس سلسلے میں سمری تیار کر لی ہے جسے آئندہ اجلاس میں پیش کیا جائے گا ۔ حکام کا کہنا ہے کہ منصوبوں کی بروقت تکمیل عوام کے مفاد میں ہے اور اس حوالے سے کسی قسم کی تاخیر برداشت نہیں کی جائے گی ۔ اجلاس میں صوبائی نمائندوں نے بھی شرکت کی اور اپنی تجاویز پیش کیں ۔ دریں اثنا متعلقہ اداروں کو ہدایت کی گئی ہے کہ وہ رپورٹ جلد از جلد ارسال کریں تاکہ آئندہ لائحہ عمل طے کیا جا سکے ۔
41
فنی خرابی
بقیہ
اسلام آباد ( مانیٹرنگ ڈیسک ) وفاقی حکومت نے ملک بھر میں جاری ترقیاتی منصوبوں کی تکمیل کیلئے اضافی فنڈز جاری کرنے کا فیصلہ کیا ہے ۔ ذرائع کے مطابق متعلقہ وزارت نے اس سلسلے میں سمری تیار کر لی ہے جسے آئندہ اجلاس میں پیش کیا جائے گا ۔ حکام کا کہنا ہے کہ منصوبوں کی بروقت تکمیل عوام کے مفاد میں ہے اور اس حوالے سے کسی قسم کی تاخیر برداشت نہیں کی جائے گی ۔ اجلاس میں صوبائی نمائندوں نے بھی شرکت کی اور اپنی تجاویز پیش کیں ۔ دریں اثنا متعلقہ اداروں کو ہدایت کی گئی ہے کہ وہ رپورٹ جلد از جلد ارسال کریں تاکہ آئندہ لائحہ عمل طے کیا جا سکے ۔
42
احسن اقبال
بقیہ
اسلام آباد ( مانیٹرنگ ڈیسک ) وفاقی حکومت نے ملک بھر میں جاری ترقیاتی منصوبوں کی تکمیل کیلئے اضافی فنڈز جاری کرنے کا فیصلہ کیا ہے ۔ ذرائع کے مطابق متعلقہ وزارت نے اس سلسلے میں سمری تیار کر لی ہے جسے آئندہ اجلاس میں پیش کیا جائے گا ۔ حکام کا کہنا ہے کہ منصوبوں کی بروقت تکمیل عوام کے مفاد میں ہے اور اس حوالے سے کسی قسم کی تاخیر برداشت نہیں کی جائے گی ۔ اجلاس میں صوبائی نمائندوں نے بھی شرکت کی اور اپنی تجاویز پیش کیں ۔ دریں اثنا متعلقہ اداروں کو ہدایت کی گئی ہے کہ وہ رپورٹ جلد از جلد ارسال کریں تاکہ آئندہ لائحہ عمل طے کیا جا سکے ۔
43
سکول
بقیہ
اسلام آباد ( مانیٹرنگ ڈیسک ) وفاقی حکومت نے ملک بھر میں جاری ترقیاتی منصوبوں کی تکمیل کیلئے اضافی فنڈز جاری کرنے کا فیصلہ کیا ہے ۔ ذرائع کے مطابق متعلقہ وزارت نے اس سلسلے میں سمری تیار کر لی ہے جسے آئندہ اجلاس میں پیش کیا جائے گا ۔ حکام کا کہنا ہے کہ منصوبوں کی بروقت تکمیل عوام کے مفاد میں ہے اور اس حوالے سے کسی قسم کی تاخیر برداشت نہیں کی جائے گی ۔ اجلاس میں صوبائی نمائندوں نے بھی شرکت کی اور اپنی تجاویز پیش کیں ۔ دریں اثنا متعلقہ اداروں کو ہدایت کی گئی ہے کہ وہ رپورٹ جلد از جلد ارسال کریں تاکہ آئندہ لائحہ عمل طے کیا جا سکے ۔
44
زیادتی ملزم
بقیہ
اسلام آباد ( مانیٹرنگ ڈیسک ) وفاقی حکومت نے ملک بھر میں جاری ترقیاتی منصوبوں کی تکمیل کیلئے اضافی فنڈز جاری کرنے کا فیصلہ کیا ہے ۔ ذرائع کے مطابق متعلقہ وزارت نے اس سلسلے میں سمری تیار کر لی ہے جسے آئندہ اجلاس میں پیش کیا جائے گا ۔ حکام کا کہنا ہے کہ منصوبوں کی بروقت تکمیل عوام کے مفاد میں ہے اور اس حوالے سے کسی قسم کی تاخیر برداشت نہیں کی جائے گی ۔ اجلاس میں صوبائی نمائندوں نے بھی شرکت کی اور اپنی تجاویز پیش کیں ۔ دریں اثنا متعلقہ اداروں کو ہدایت کی گئی ہے کہ وہ رپورٹ جلد از جلد ارسال کریں تاکہ آئندہ لائحہ عمل طے کیا جا سکے ۔
45
بی آر ٹی
بقیہ
اسلام آباد ( مانیٹرنگ ڈیسک ) وفاقی حکومت نے ملک بھر میں جاری ترقیاتی منصوبوں کی تکمیل کیلئے اضافی فنڈز جاری کرنے کا فیصلہ کیا ہے ۔ ذرائع کے مطابق متعلقہ وزارت نے اس سلسلے میں سمری تیار کر لی ہے جسے آئندہ اجلاس میں پیش کیا جائے گا ۔ حکام کا کہنا ہے کہ منصوبوں کی بروقت تکمیل عوام کے مفاد میں ہے اور اس حوالے سے کسی قسم کی تاخیر برداشت نہیں کی جائے گی ۔ اجلاس میں صوبائی نمائندوں نے بھی شرکت کی اور اپنی تجاویز پیش کیں ۔ دریں اثنا متعلقہ اداروں کو ہدایت کی گئی ہے کہ وہ رپورٹ جلد از جلد ارسال کریں تاکہ آئندہ لائحہ عمل طے کیا جا سکے ۔
46
جنگلی حیات
بقیہ
اسلام آباد ( مانیٹرنگ ڈیسک ) وفاقی حکومت نے ملک بھر میں جاری ترقیاتی منصوبوں کی تکمیل کیلئے اضافی فنڈز جاری کرنے کا فیصلہ کیا ہے ۔ ذرائع کے مطابق متعلقہ وزارت نے اس سلسلے میں سمری تیار کر لی ہے جسے آئندہ اجلاس میں پیش کیا جائے گا ۔ حکام کا کہنا ہے کہ منصوبوں کی بروقت تکمیل عوام کے مفاد میں ہے اور اس حوالے سے کسی قسم کی تاخیر برداشت نہیں کی جائے گی ۔ اجلاس میں صوبائی نمائندوں نے بھی شرکت کی اور اپنی تجاویز پیش کیں ۔ دریں اثنا متعلقہ اداروں کو ہدایت کی گئی ہے کہ وہ رپورٹ جلد از جلد ارسال کریں تاکہ آئندہ لائحہ عمل طے کیا جا سکے ۔
47
یورپ حملے
بقیہ
اسلام آباد ( مانیٹرنگ ڈیسک ) وفاقی حکومت نے ملک بھر میں جاری ترقیاتی منصوبوں کی تکمیل کیلئے اضافی فنڈز جاری کرنے کا فیصلہ کیا ہے ۔ ذرائع کے مطابق متعلقہ وزارت نے اس سلسلے میں سمری تیار کر لی ہے جسے آئندہ اجلاس میں پیش کیا جائے گا ۔ حکام کا کہنا ہے کہ منصوبوں کی بروقت تکمیل عوام کے مفاد میں ہے اور اس حوالے سے کسی قسم کی تاخیر برداشت نہیں کی جائے گی ۔ اجلاس میں صوبائی نمائندوں نے بھی شرکت کی اور اپنی تجاویز پیش کیں ۔ دریں اثنا متعلقہ اداروں کو ہدایت کی گئی ہے کہ وہ رپورٹ جلد از جلد ارسال کریں تاکہ آئندہ لائحہ عمل طے کیا جا سکے ۔
48
طلال چوہدری
بقیہ
اسلام آباد ( مانیٹرنگ ڈیسک ) وفاقی حکومت نے ملک بھر میں جاری ترقیاتی منصوبوں کی تکمیل کیلئے اضافی فنڈز جاری کرنے کا فیصلہ کیا ہے ۔ ذرائع کے مطابق متعلقہ وزارت نے اس سلسلے میں سمری تیار کر لی ہے جسے آئندہ اجلاس میں پیش کیا جائے گا ۔ حکام کا کہنا ہے کہ منصوبوں کی بروقت تکمیل عوام کے مفاد میں ہے اور اس حوالے سے کسی قسم کی تاخیر برداشت نہیں کی جائے گی ۔ اجلاس میں صوبائی نمائندوں نے بھی شرکت کی اور اپنی تجاویز پیش کیں ۔ دریں اثنا متعلقہ اداروں کو ہدایت کی گئی ہے کہ وہ رپورٹ جلد از جلد ارسال کریں تاکہ آئندہ لائحہ عمل طے کیا جا سکے ۔
49
عاطف خان
بقیہ
اسلام آباد ( مانیٹرنگ ڈیسک ) وفاقی حکومت نے ملک بھر میں جاری ترقیاتی منصوبوں کی تکمیل کیلئے اضافی فنڈز جاری کرنے کا فیصلہ کیا ہے ۔ ذرائع کے مطابق متعلقہ وزارت نے اس سلسلے میں سمری تیار کر لی ہے جسے آئندہ اجلاس میں پیش کیا جائے گا ۔ حکام کا کہنا ہے کہ منصوبوں کی بروقت تکمیل عوام کے مفاد میں ہے اور اس حوالے سے کسی قسم کی تاخیر برداشت نہیں کی جائے گی ۔ اجلاس میں صوبائی نمائندوں نے بھی شرکت کی اور اپنی تجاویز پیش کیں ۔ دریں اثنا متعلقہ اداروں کو ہدایت کی گئی ہے کہ وہ رپورٹ جلد از جلد ارسال کریں تاکہ آئندہ لائحہ عمل طے کیا جا سکے ۔
50
لاپتہ
بقیہ
اسلام آباد ( مانیٹرنگ ڈیسک ) وفاقی حکومت نے ملک بھر میں جاری ترقیاتی منصوبوں کی تکمیل کیلئے اضافی فنڈز جاری کرنے کا فیصلہ کیا ہے ۔ ذرائع کے مطابق متعلقہ وزارت نے اس سلسلے میں سمری تیار کر لی ہے جسے آئندہ اجلاس میں پیش کیا جائے گا ۔ حکام کا کہنا ہے کہ منصوبوں کی بروقت تکمیل عوام کے مفاد میں ہے اور اس حوالے سے کسی قسم کی تاخیر برداشت نہیں کی جائے گی ۔ اجلاس میں صوبائی نمائندوں نے بھی شرکت کی اور اپنی تجاویز پیش کیں ۔ دریں اثنا متعلقہ اداروں کو ہدایت کی گئی ہے کہ وہ رپورٹ جلد از جلد ارسال کریں تاکہ آئندہ لائحہ عمل طے کیا جا سکے ۔
51
پاسپورٹ
بقیہ
اسلام آباد ( مانیٹرنگ ڈیسک ) وفاقی حکومت نے ملک بھر میں جاری ترقیاتی منصوبوں کی تکمیل کیلئے اضافی فنڈز جاری کرنے کا فیصلہ کیا ہے ۔ ذرائع کے مطابق متعلقہ وزارت نے اس سلسلے میں سمری تیار کر لی ہے جسے آئندہ اجلاس میں پیش کیا جائے گا ۔ حکام کا کہنا ہے کہ منصوبوں کی بروقت تکمیل عوام کے مفاد میں ہے اور اس حوالے سے کسی قسم کی تاخیر برداشت نہیں کی جائے گی ۔ اجلاس میں صوبائی نمائندوں نے بھی شرکت کی اور اپنی تجاویز پیش کیں ۔ دریں اثنا متعلقہ اداروں کو ہدایت کی گئی ہے کہ وہ رپورٹ جلد از جلد ارسال کریں تاکہ آئندہ لائحہ عمل طے کیا جا سکے ۔
52
نیتن یاہو
بقیہ
اسلام آباد ( مانیٹرنگ ڈیسک ) وفاقی حکومت نے ملک بھر میں جاری ترقیاتی منصوبوں کی تکمیل کیلئے اضافی فنڈز جاری کرنے کا فیصلہ کیا ہے ۔ ذرائع کے مطابق متعلقہ وزارت نے اس سلسلے میں سمری تیار کر لی ہے جسے آئندہ اجلاس میں پیش کیا جائے گا ۔ حکام کا کہنا ہے کہ منصوبوں کی بروقت تکمیل عوام کے مفاد میں ہے اور اس حوالے سے کسی قسم کی تاخیر برداشت نہیں کی جائے گی ۔ اجلاس میں صوبائی نمائندوں نے بھی شرکت کی اور اپنی تجاویز پیش کیں ۔ دریں اثنا متعلقہ اداروں کو ہدایت کی گئی ہے کہ وہ رپورٹ جلد از جلد ارسال کریں تاکہ آئندہ لائحہ عمل طے کیا جا سکے ۔
53
علی رضا ہاشمی
بقیہ
اسلام آباد ( مانیٹرنگ ڈیسک ) وفاقی حکومت نے ملک بھر میں جاری ترقیاتی منصوبوں کی تکمیل کیلئے اضافی فنڈز جاری کرنے کا فیصلہ کیا ہے ۔ ذرائع کے مطابق متعلقہ وزارت نے اس سلسلے میں سمری تیار کر لی ہے جسے آئندہ اجلاس میں پیش کیا جائے گا ۔ حکام کا کہنا ہے کہ منصوبوں کی بروقت تکمیل عوام کے مفاد میں ہے اور اس حوالے سے کسی قسم کی تاخیر برداشت نہیں کی جائے گی ۔ اجلاس میں صوبائی نمائندوں نے بھی شرکت کی اور اپنی تجاویز پیش کیں ۔ دریں اثنا متعلقہ اداروں کو ہدایت کی گئی ہے کہ وہ رپورٹ جلد از جلد ارسال کریں تاکہ آئندہ لائحہ عمل طے کیا جا سکے ۔
54
انتخابی
بقیہ
اسلام آباد ( مانیٹرنگ ڈیسک ) وفاقی حکومت نے ملک بھر میں جاری ترقیاتی منصوبوں کی تکمیل کیلئے اضافی فنڈز جاری کرنے کا فیصلہ کیا ہے ۔ ذرائع کے مطابق متعلقہ وزارت نے اس سلسلے میں سمری تیار کر لی ہے جسے آئندہ اجلاس میں پیش کیا جائے گا ۔ حکام کا کہنا ہے کہ منصوبوں کی بروقت تکمیل عوام کے مفاد میں ہے اور اس حوالے سے کسی قسم کی تاخیر برداشت نہیں کی جائے گی ۔ اجلاس میں صوبائی نمائندوں نے بھی شرکت کی اور اپنی تجاویز پیش کیں ۔ دریں اثنا متعلقہ اداروں کو ہدایت کی گئی ہے کہ وہ رپورٹ جلد از جلد ارسال کریں تاکہ آئندہ لائحہ عمل طے کیا جا سکے ۔
55
بلی اغوا
بقیہ
اسلام آباد ( مانیٹرنگ ڈیسک ) وفاقی حکومت نے ملک بھر میں جاری ترقیاتی منصوبوں کی تکمیل کیلئے اضافی فنڈز جاری کرنے کا فیصلہ کیا ہے ۔ ذرائع کے مطابق متعلقہ وزارت نے اس سلسلے میں سمری تیار کر لی ہے جسے آئندہ اجلاس میں پیش کیا جائے گا ۔ حکام کا کہنا ہے کہ منصوبوں کی بروقت تکمیل عوام کے مفاد میں ہے اور اس حوالے سے کسی قسم کی تاخیر برداشت نہیں کی جائے گی ۔ اجلاس میں صوبائی نمائندوں نے بھی شرکت کی اور اپنی تجاویز پیش کیں ۔ دریں اثنا متعلقہ اداروں کو ہدایت کی گئی ہے کہ وہ رپورٹ جلد از جلد ارسال کریں تاکہ آئندہ لائحہ عمل طے کیا جا سکے ۔
56
طالبان رجیم
بقیہ
اسلام آباد ( مانیٹرنگ ڈیسک ) وفاقی حکومت نے ملک بھر میں جاری ترقیاتی منصوبوں کی تکمیل کیلئے اضافی فنڈز جاری کرنے کا فیصلہ کیا ہے ۔ ذرائع کے مطابق متعلقہ وزارت نے اس سلسلے میں سمری تیار کر لی ہے جسے آئندہ اجلاس میں پیش کیا جائے گا ۔ حکام کا کہنا ہے کہ منصوبوں کی بروقت تکمیل عوام کے مفاد میں ہے اور اس حوالے سے کسی قسم کی تاخیر برداشت نہیں کی جائے گی ۔ اجلاس میں صوبائی نمائندوں نے بھی شرکت کی اور اپنی تجاویز پیش کیں ۔ دریں اثنا متعلقہ اداروں کو ہدایت کی گئی ہے کہ وہ رپورٹ جلد از جلد ارسال کریں تاکہ آئندہ لائحہ عمل طے کیا جا سکے ۔
57
سی او
بقیہ
اسلام آباد ( مانیٹرنگ ڈیسک ) وفاقی حکومت نے ملک بھر میں جاری ترقیاتی منصوبوں کی تکمیل کیلئے اضافی فنڈز جاری کرنے کا فیصلہ کیا ہے ۔ ذرائع کے مطابق متعلقہ وزارت نے اس سلسلے میں سمری تیار کر لی ہے جسے آئندہ اجلاس میں پیش کیا جائے گا ۔ حکام کا کہنا ہے کہ منصوبوں کی بروقت تکمیل عوام کے مفاد میں ہے اور اس حوالے سے کسی قسم کی تاخیر برداشت نہیں کی جائے گی ۔ اجلاس میں صوبائی نمائندوں نے بھی شرکت کی اور اپنی تجاویز پیش کیں ۔ دریں اثنا متعلقہ اداروں کو ہدایت کی گئی ہے کہ وہ رپورٹ جلد از جلد ارسال کریں تاکہ آئندہ لائحہ عمل طے کیا جا سکے ۔
58
شاہ کریم
بقیہ
اسلام آباد ( مانیٹرنگ ڈیسک ) وفاقی حکومت نے ملک بھر میں جاری ترقیاتی منصوبوں کی تکمیل کیلئے اضافی فنڈز جاری کرنے کا فیصلہ کیا ہے ۔ ذرائع کے مطابق متعلقہ وزارت نے اس سلسلے میں سمری تیار کر لی ہے جسے آئندہ اجلاس میں پیش کیا جائے گا ۔ حکام کا کہنا ہے کہ منصوبوں کی بروقت تکمیل عوام کے مفاد میں ہے اور اس حوالے سے کسی قسم کی تاخیر برداشت نہیں کی جائے گی ۔ اجلاس میں صوبائی نمائندوں نے بھی شرکت کی اور اپنی تجاویز پیش کیں ۔ دریں اثنا متعلقہ اداروں کو ہدایت کی گئی ہے کہ وہ رپورٹ جلد از جلد ارسال کریں تاکہ آئندہ لائحہ عمل طے کیا جا سکے ۔
59
ملک گاڑی
بقیہ
اسلام آباد ( مانیٹرنگ ڈیسک ) وفاقی حکومت نے ملک بھر میں جاری ترقیاتی منصوبوں کی تکمیل کیلئے اضافی فنڈز جاری کرنے کا فیصلہ کیا ہے ۔ ذرائع کے مطابق متعلقہ وزارت نے اس سلسلے میں سمری تیار کر لی ہے جسے آئندہ اجلاس میں پیش کیا جائے گا ۔ حکام کا کہنا ہے کہ منصوبوں کی بروقت تکمیل عوام کے مفاد میں ہے اور اس حوالے سے کسی قسم کی تاخیر برداشت نہیں کی جائے گی ۔ اجلاس میں صوبائی نمائندوں نے بھی شرکت کی اور اپنی تجاویز پیش کیں ۔ دریں اثنا متعلقہ اداروں کو ہدایت کی گئی ہے کہ وہ رپورٹ جلد از جلد ارسال کریں تاکہ آئندہ لائحہ عمل طے کیا جا سکے ۔
60
شوز میں
بقیہ
اسلام آباد ( مانیٹرنگ ڈیسک ) وفاقی حکومت نے ملک بھر میں جاری ترقیاتی منصوبوں کی تکمیل کیلئے اضافی فنڈز جاری کرنے کا فیصلہ کیا ہے ۔ ذرائع کے مطابق متعلقہ وزارت نے اس سلسلے میں سمری تیار کر لی ہے جسے آئندہ اجلاس میں پیش کیا جائے گا ۔ حکام کا کہنا ہے کہ منصوبوں کی بروقت تکمیل عوام کے مفاد میں ہے اور اس حوالے سے کسی قسم کی تاخیر برداشت نہیں کی جائے گی ۔ اجلاس میں صوبائی نمائندوں نے بھی شرکت کی اور اپنی تجاویز پیش کیں ۔ دریں اثنا متعلقہ اداروں کو ہدایت کی گئی ہے کہ وہ رپورٹ جلد از جلد ارسال کریں تاکہ آئندہ لائحہ عمل طے کیا جا سکے ۔
61
سرچ آپریشن
بقیہ
اسلام آباد ( مانیٹرنگ ڈیسک ) وفاقی حکومت نے ملک بھر میں جاری ترقیاتی منصوبوں کی تکمیل کیلئے اضافی فنڈز جاری کرنے کا فیصلہ کیا ہے ۔ ذرائع کے مطابق متعلقہ وزارت نے اس سلسلے میں سمری تیار کر لی ہے جسے آئندہ اجلاس میں پیش کیا جائے گا ۔ حکام کا کہنا ہے کہ منصوبوں کی بروقت تکمیل عوام کے مفاد میں ہے اور اس حوالے سے کسی قسم کی تاخیر برداشت نہیں کی جائے گی ۔ اجلاس میں صوبائی نمائندوں نے بھی شرکت کی اور اپنی تجاویز پیش کیں ۔ دریں اثنا متعلقہ اداروں کو ہدایت کی گئی ہے کہ وہ رپورٹ جلد از جلد ارسال کریں تاکہ آئندہ لائحہ عمل طے کیا جا سکے ۔
62
مشین
بقیہ
اسلام آباد ( مانیٹرنگ ڈیسک ) وفاقی حکومت نے ملک بھر میں جاری ترقیاتی منصوبوں کی تکمیل کیلئے اضافی فنڈز جاری کرنے کا فیصلہ کیا ہے ۔ ذرائع کے مطابق متعلقہ وزارت نے اس سلسلے میں سمری تیار کر لی ہے جسے آئندہ اجلاس میں پیش کیا جائے گا ۔ حکام کا کہنا ہے کہ منصوبوں کی بروقت تکمیل عوام کے مفاد میں ہے اور اس حوالے سے کسی قسم کی تاخیر برداشت نہیں کی جائے گی ۔ اجلاس میں صوبائی نمائندوں نے بھی شرکت کی اور اپنی تجاویز پیش کیں ۔ دریں اثنا متعلقہ اداروں کو ہدایت کی گئی ہے کہ وہ رپورٹ جلد از جلد ارسال کریں تاکہ آئندہ لائحہ عمل طے کیا جا سکے ۔
63
جعلی شہری
بقیہ
اسلام آباد ( مانیٹرنگ ڈیسک ) وفاقی حکومت نے ملک بھر میں جاری ترقیاتی منصوبوں کی تکمیل کیلئے اضافی فنڈز جاری کرنے کا فیصلہ کیا ہے ۔ ذرائع کے مطابق متعلقہ وزارت نے اس سلسلے میں سمری تیار کر لی ہے جسے آئندہ اجلاس میں پیش کیا جائے گا ۔ حکام کا کہنا ہے کہ منصوبوں کی بروقت تکمیل عوام کے مفاد میں ہے اور اس حوالے سے کسی قسم کی تاخیر برداشت نہیں کی جائے گی ۔ اجلاس میں صوبائی نمائندوں نے بھی شرکت کی اور اپنی تجاویز پیش کیں ۔ دریں اثنا متعلقہ اداروں کو ہدایت کی گئی ہے کہ وہ رپورٹ جلد از جلد ارسال کریں تاکہ آئندہ لائحہ عمل طے کیا جا سکے ۔
64
گرفتار
بقیہ
اسلام آباد ( مانیٹرنگ ڈیسک ) وفاقی حکومت نے ملک بھر میں جاری ترقیاتی منصوبوں کی تکمیل کیلئے اضافی فنڈز جاری کرنے کا فیصلہ کیا ہے ۔ ذرائع کے مطابق متعلقہ وزارت نے اس سلسلے میں سمری تیار کر لی ہے جسے آئندہ اجلاس میں پیش کیا جائے گا ۔ حکام کا کہنا ہے کہ منصوبوں کی بروقت تکمیل عوام کے مفاد میں ہے اور اس حوالے سے کسی قسم کی تاخیر برداشت نہیں کی جائے گی ۔ اجلاس میں صوبائی نمائندوں نے بھی شرکت کی اور اپنی تجاویز پیش کیں ۔ دریں اثنا متعلقہ اداروں کو ہدایت کی گئی ہے کہ وہ رپورٹ جلد از جلد ارسال کریں تاکہ آئندہ لائحہ عمل طے کیا جا سکے ۔
65
سعید جاوید
بقیہ
اسلام آباد ( مانیٹرنگ ڈیسک ) وفاقی حکومت نے ملک بھر میں جاری ترقیاتی منصوبوں کی تکمیل کیلئے اضافی فنڈز جاری کرنے کا فیصلہ کیا ہے ۔ ذرائع کے مطابق متعلقہ وزارت نے اس سلسلے میں سمری تیار کر لی ہے جسے آئندہ اجلاس میں پیش کیا جائے گا ۔ حکام کا کہنا ہے کہ منصوبوں کی بروقت تکمیل عوام کے مفاد میں ہے اور اس حوالے سے کسی قسم کی تاخیر برداشت نہیں کی جائے گی ۔ اجلاس میں صوبائی نمائندوں نے بھی شرکت کی اور اپنی تجاویز پیش کیں ۔ دریں اثنا متعلقہ اداروں کو ہدایت کی گئی ہے کہ وہ رپورٹ جلد از جلد ارسال کریں تاکہ آئندہ لائحہ عمل طے کیا جا سکے ۔
66
کال سینٹر
بقیہ
اسلام آباد ( مانیٹرنگ ڈیسک ) وفاقی حکومت نے ملک بھر میں جاری ترقیاتی منصوبوں کی تکمیل کیلئے اضافی فنڈز جاری کرنے کا فیصلہ کیا ہے ۔ ذرائع کے مطابق متعلقہ وزارت نے اس سلسلے میں سمری تیار کر لی ہے جسے آئندہ اجلاس میں پیش کیا جائے گا ۔ حکام کا کہنا ہے کہ منصوبوں کی بروقت تکمیل عوام کے مفاد میں ہے اور اس حوالے سے کسی قسم کی تاخیر برداشت نہیں کی جائے گی ۔ اجلاس میں صوبائی نمائندوں نے بھی شرکت کی اور اپنی تجاویز پیش کیں ۔ دریں اثنا متعلقہ اداروں کو ہدایت کی گئی ہے کہ وہ رپورٹ جلد از جلد ارسال کریں تاکہ آئندہ لائحہ عمل طے کیا جا سکے ۔
67
لڑکی کس
بقیہ
اسلام آباد ( مانیٹرنگ ڈیسک ) وفاقی حکومت نے ملک بھر میں جاری ترقیاتی منصوبوں کی تکمیل کیلئے اضافی فنڈز جاری کرنے کا فیصلہ کیا ہے ۔ ذرائع کے مطابق متعلقہ وزارت نے اس سلسلے میں سمری تیار کر لی ہے جسے آئندہ اجلاس میں پیش کیا جائے گا ۔ حکام کا کہنا ہے کہ منصوبوں کی بروقت تکمیل عوام کے مفاد میں ہے اور اس حوالے سے کسی قسم کی تاخیر برداشت نہیں کی جائے گی ۔ اجلاس میں صوبائی نمائندوں نے بھی شرکت کی اور اپنی تجاویز پیش کیں ۔ دریں اثنا متعلقہ اداروں کو ہدایت کی گئی ہے کہ وہ رپورٹ جلد از جلد ارسال کریں تاکہ آئندہ لائحہ عمل طے کیا جا سکے ۔
68
علی ناصر رضوی
بقیہ
اسلام آباد ( مانیٹرنگ ڈیسک ) وفاقی حکومت نے ملک بھر میں جاری ترقیاتی منصوبوں کی تکمیل کیلئے اضافی فنڈز جاری کرنے کا فیصلہ کیا ہے ۔ ذرائع کے مطابق متعلقہ وزارت نے اس سلسلے میں سمری تیار کر لی ہے جسے آئندہ اجلاس میں پیش کیا جائے گا ۔ حکام کا کہنا ہے کہ منصوبوں کی بروقت تکمیل عوام کے مفاد میں ہے اور اس حوالے سے کسی قسم کی تاخیر برداشت نہیں کی جائے گی ۔ اجلاس میں صوبائی نمائندوں نے بھی شرکت کی اور اپنی تجاویز پیش کیں ۔ دریں اثنا متعلقہ اداروں کو ہدایت کی گئی ہے کہ وہ رپورٹ جلد از جلد ارسال کریں تاکہ آئندہ لائحہ عمل طے کیا جا سکے ۔
69
واپس
بقیہ
اسلام آباد ( مانیٹرنگ ڈیسک ) وفاقی حکومت نے ملک بھر میں جاری ترقیاتی منصوبوں کی تکمیل کیلئے اضافی فنڈز جاری کرنے کا فیصلہ کیا ہے ۔ ذرائع کے مطابق متعلقہ وزارت نے اس سلسلے میں سمری تیار کر لی ہے جسے آئندہ اجلاس میں پیش کیا جائے گا ۔ حکام کا کہنا ہے کہ منصوبوں کی بروقت تکمیل عوام کے مفاد میں ہے اور اس حوالے سے کسی قسم کی تاخیر برداشت نہیں کی جائے گی ۔ اجلاس میں صوبائی نمائندوں نے بھی شرکت کی اور اپنی تجاویز پیش کیں ۔ دریں اثنا متعلقہ اداروں کو ہدایت کی گئی ہے کہ وہ رپورٹ جلد از جلد ارسال کریں تاکہ آئندہ لائحہ عمل طے کیا جا سکے ۔
70
ٹکٹ جاری
بقیہ
اسلام آباد ( مانیٹرنگ ڈیسک ) وفاقی حکومت نے ملک بھر میں جاری ترقیاتی منصوبوں کی تکمیل کیلئے اضافی فنڈز جاری کرنے کا فیصلہ کیا ہے ۔ ذرائع کے مطابق متعلقہ وزارت نے اس سلسلے میں سمری تیار کر لی ہے جسے آئندہ اجلاس میں پیش کیا جائے گا ۔ حکام کا کہنا ہے کہ منصوبوں کی بروقت تکمیل عوام کے مفاد میں ہے اور اس حوالے سے کسی قسم کی تاخیر برداشت نہیں کی جائے گی ۔ اجلاس میں صوبائی نمائندوں نے بھی شرکت کی اور اپنی تجاویز پیش کیں ۔ دریں اثنا متعلقہ اداروں کو ہدایت کی گئی ہے کہ وہ رپورٹ جلد از جلد ارسال کریں تاکہ آئندہ لائحہ عمل طے کیا جا سکے ۔
71
فہرست
بقیہ
اسلام آباد ( مانیٹرنگ ڈیسک ) وفاقی حکومت نے ملک بھر میں جاری ترقیاتی منصوبوں کی تکمیل کیلئے اضافی فنڈز جاری کرنے کا فیصلہ کیا ہے ۔ ذرائع کے مطابق متعلقہ وزارت نے اس سلسلے میں سمری تیار کر لی ہے جسے آئندہ اجلاس میں پیش کیا جائے گا ۔ حکام کا کہنا ہے کہ منصوبوں کی بروقت تکمیل عوام کے مفاد میں ہے اور اس حوالے سے کسی قسم کی تاخیر برداشت نہیں کی جائے گی ۔ اجلاس میں صوبائی نمائندوں نے بھی شرکت کی اور اپنی تجاویز پیش کیں ۔ دریں اثنا متعلقہ اداروں کو ہدایت کی گئی ہے کہ وہ رپورٹ جلد از جلد ارسال کریں تاکہ آئندہ لائحہ عمل طے کیا جا سکے ۔
72
علی محمد خان
بقیہ
اسلام آباد ( مانیٹرنگ ڈیسک ) وفاقی حکومت نے ملک بھر میں جاری ترقیاتی منصوبوں کی تکمیل کیلئے اضافی فنڈز جاری کرنے کا فیصلہ کیا ہے ۔ ذرائع کے مطابق متعلقہ وزارت نے اس سلسلے میں سمری تیار کر لی ہے جسے آئندہ اجلاس میں پیش کیا جائے گا ۔ حکام کا کہنا ہے کہ منصوبوں کی بروقت تکمیل عوام کے مفاد میں ہے اور اس حوالے سے کسی قسم کی تاخیر برداشت نہیں کی جائے گی ۔ اجلاس میں صوبائی نمائندوں نے بھی شرکت کی اور اپنی تجاویز پیش کیں ۔ دریں اثنا متعلقہ اداروں کو ہدایت کی گئی ہے کہ وہ رپورٹ جلد از جلد ارسال کریں تاکہ آئندہ لائحہ عمل طے کیا جا سکے ۔
73
تعلیمی بورڈ
بقیہ
اسلام آباد ( مانیٹرنگ ڈیسک ) وفاقی حکومت نے ملک بھر میں جاری ترقیاتی منصوبوں کی تکمیل کیلئے اضافی فنڈز جاری کرنے کا فیصلہ کیا ہے ۔ ذرائع کے مطابق متعلقہ وزارت نے اس سلسلے میں سمری تیار کر لی ہے جسے آئندہ اجلاس میں پیش کیا جائے گا ۔ حکام کا کہنا ہے کہ منصوبوں کی بروقت تکمیل عوام کے مفاد میں ہے اور اس حوالے سے کسی قسم کی تاخیر برداشت نہیں کی جائے گی ۔ اجلاس میں صوبائی نمائندوں نے بھی شرکت کی اور اپنی تجاویز پیش کیں ۔ دریں اثنا متعلقہ اداروں کو ہدایت کی گئی ہے کہ وہ رپورٹ جلد از جلد ارسال کریں تاکہ آئندہ لائحہ عمل طے کیا جا سکے ۔
74
آغا خان
بقیہ
اسلام آباد ( مانیٹرنگ ڈیسک ) وفاقی حکومت نے ملک بھر میں جاری ترقیاتی منصوبوں کی تکمیل کیلئے اضافی فنڈز جاری کرنے کا فیصلہ کیا ہے ۔ ذرائع کے مطابق متعلقہ وزارت نے اس سلسلے میں سمری تیار کر لی ہے جسے آئندہ اجلاس میں پیش کیا جائے گا ۔ حکام کا کہنا ہے کہ منصوبوں کی بروقت تکمیل عوام کے مفاد میں ہے اور اس حوالے سے کسی قسم کی تاخیر برداشت نہیں کی جائے گی ۔ اجلاس میں صوبائی نمائندوں نے بھی شرکت کی اور اپنی تجاویز پیش کیں ۔ دریں اثنا متعلقہ اداروں کو ہدایت کی گئی ہے کہ وہ رپورٹ جلد از جلد ارسال کریں تاکہ آئندہ لائحہ عمل طے کیا جا سکے ۔
75
فاروق ستار
بقیہ
اسلام آباد ( مانیٹرنگ ڈیسک ) وفاقی حکومت نے ملک بھر میں جاری ترقیاتی منصوبوں کی تکمیل کیلئے اضافی فنڈز جاری کرنے کا فیصلہ کیا ہے ۔ ذرائع کے مطابق متعلقہ وزارت نے اس سلسلے میں سمری تیار کر لی ہے جسے آئندہ اجلاس میں پیش کیا جائے گا ۔ حکام کا کہنا ہے کہ منصوبوں کی بروقت تکمیل عوام کے مفاد میں ہے اور اس حوالے سے کسی قسم کی تاخیر برداشت نہیں کی جائے گی ۔ اجلاس میں صوبائی نمائندوں نے بھی شرکت کی اور اپنی تجاویز پیش کیں ۔ دریں اثنا متعلقہ اداروں کو ہدایت کی گئی ہے کہ وہ رپورٹ جلد از جلد ارسال کریں تاکہ آئندہ لائحہ عمل طے کیا جا سکے ۔
76
شاہدہ
بقیہ
اسلام آباد ( مانیٹرنگ ڈیسک ) وفاقی حکومت نے ملک بھر میں جاری ترقیاتی منصوبوں کی تکمیل کیلئے اضافی فنڈز جاری کرنے کا فیصلہ کیا ہے ۔ ذرائع کے مطابق متعلقہ وزارت نے اس سلسلے میں سمری تیار کر لی ہے جسے آئندہ اجلاس میں پیش کیا جائے گا ۔ حکام کا کہنا ہے کہ منصوبوں کی بروقت تکمیل عوام کے مفاد میں ہے اور اس حوالے سے کسی قسم کی تاخیر برداشت نہیں کی جائے گی ۔ اجلاس میں صوبائی نمائندوں نے بھی شرکت کی اور اپنی تجاویز پیش کیں ۔ دریں اثنا متعلقہ اداروں کو ہدایت کی گئی ہے کہ وہ رپورٹ جلد از جلد ارسال کریں تاکہ آئندہ لائحہ عمل طے کیا جا سکے ۔
77
چالان ادائیگی
بقیہ
اسلام آباد ( مانیٹرنگ ڈیسک ) وفاقی حکومت نے ملک بھر میں جاری ترقیاتی منصوبوں کی تکمیل کیلئے اضافی فنڈز جاری کرنے کا فیصلہ کیا ہے ۔ ذرائع کے مطابق متعلقہ وزارت نے اس سلسلے میں سمری تیار کر لی ہے جسے آئندہ اجلاس میں پیش کیا جائے گا ۔ حکام کا کہنا ہے کہ منصوبوں کی بروقت تکمیل عوام کے مفاد میں ہے اور اس حوالے سے کسی قسم کی تاخیر برداشت نہیں کی جائے گی ۔ اجلاس میں صوبائی نمائندوں نے بھی شرکت کی اور اپنی تجاویز پیش کیں ۔ دریں اثنا متعلقہ اداروں کو ہدایت کی گئی ہے کہ وہ رپورٹ جلد از جلد ارسال کریں تاکہ آئندہ لائحہ عمل طے کیا جا سکے ۔
